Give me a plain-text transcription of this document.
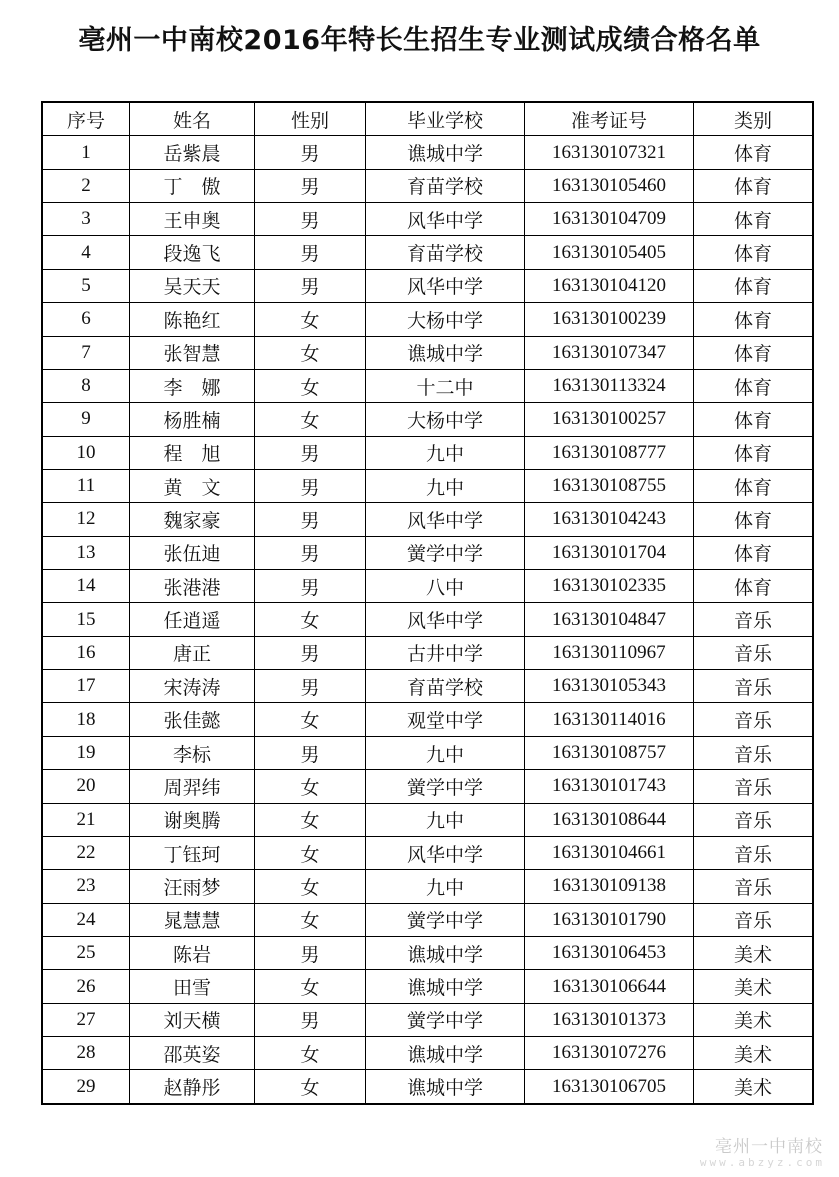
亳州一中南校2016年特长生招生专业测试成绩合格名单
序号	姓名	性别	毕业学校	准考证号	类别
1	岳紫晨	男	谯城中学	163130107321	体育
2	丁　傲	男	育苗学校	163130105460	体育
3	王申奥	男	风华中学	163130104709	体育
4	段逸飞	男	育苗学校	163130105405	体育
5	吴天天	男	风华中学	163130104120	体育
6	陈艳红	女	大杨中学	163130100239	体育
7	张智慧	女	谯城中学	163130107347	体育
8	李　娜	女	十二中	163130113324	体育
9	杨胜楠	女	大杨中学	163130100257	体育
10	程　旭	男	九中	163130108777	体育
11	黄　文	男	九中	163130108755	体育
12	魏家豪	男	风华中学	163130104243	体育
13	张伍迪	男	黉学中学	163130101704	体育
14	张港港	男	八中	163130102335	体育
15	任逍遥	女	风华中学	163130104847	音乐
16	唐正	男	古井中学	163130110967	音乐
17	宋涛涛	男	育苗学校	163130105343	音乐
18	张佳懿	女	观堂中学	163130114016	音乐
19	李标	男	九中	163130108757	音乐
20	周羿纬	女	黉学中学	163130101743	音乐
21	谢奥腾	女	九中	163130108644	音乐
22	丁钰珂	女	风华中学	163130104661	音乐
23	汪雨梦	女	九中	163130109138	音乐
24	晁慧慧	女	黉学中学	163130101790	音乐
25	陈岩	男	谯城中学	163130106453	美术
26	田雪	女	谯城中学	163130106644	美术
27	刘天横	男	黉学中学	163130101373	美术
28	邵英姿	女	谯城中学	163130107276	美术
29	赵静彤	女	谯城中学	163130106705	美术
亳州一中南校
www.abzyz.com
